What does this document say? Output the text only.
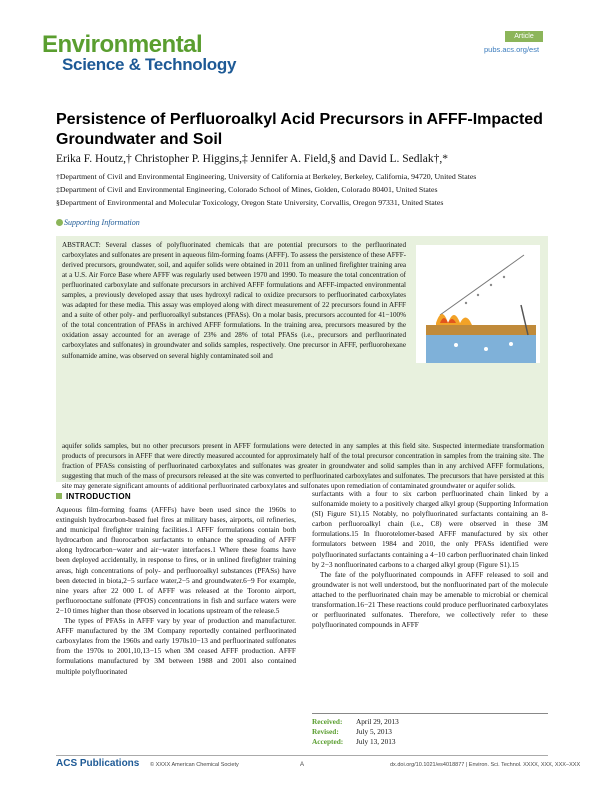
Environmental
Science & Technology
Article
pubs.acs.org/est
Persistence of Perfluoroalkyl Acid Precursors in AFFF-Impacted Groundwater and Soil
Erika F. Houtz,† Christopher P. Higgins,‡ Jennifer A. Field,§ and David L. Sedlak†,*
†Department of Civil and Environmental Engineering, University of California at Berkeley, Berkeley, California, 94720, United States
‡Department of Civil and Environmental Engineering, Colorado School of Mines, Golden, Colorado 80401, United States
§Department of Environmental and Molecular Toxicology, Oregon State University, Corvallis, Oregon 97331, United States
Supporting Information
ABSTRACT: Several classes of polyfluorinated chemicals that are potential precursors to the perfluorinated carboxylates and sulfonates are present in aqueous film-forming foams (AFFF). To assess the persistence of these AFFF-derived precursors, groundwater, soil, and aquifer solids were obtained in 2011 from an unlined firefighter training area at a U.S. Air Force Base where AFFF was regularly used between 1970 and 1990. To measure the total concentration of perfluorinated carboxylate and sulfonate precursors in archived AFFF formulations and AFFF-impacted environmental samples, a previously developed assay that uses hydroxyl radical to oxidize precursors to perfluorinated carboxylates was adapted for these media. This assay was employed along with direct measurement of 22 precursors found in AFFF and a suite of other poly- and perfluoroalkyl substances (PFASs). On a molar basis, precursors accounted for 41−100% of the total concentration of PFASs in archived AFFF formulations. In the training area, precursors measured by the oxidation assay accounted for an average of 23% and 28% of total PFASs (i.e., precursors and perfluorinated carboxylates and sulfonates) in groundwater and solids samples, respectively. One precursor in AFFF, perfluorohexane sulfonamide amine, was observed on several highly contaminated soil and
aquifer solids samples, but no other precursors present in AFFF formulations were detected in any samples at this field site. Suspected intermediate transformation products of precursors in AFFF that were directly measured accounted for approximately half of the total precursor concentration in samples from the training site. The fraction of PFASs consisting of perfluorinated carboxylates and sulfonates was greater in groundwater and solid samples than in any archived AFFF formulations, suggesting that much of the mass of precursors released at the site was converted to perfluorinated carboxylates and sulfonates. The precursors that have persisted at this site may generate significant amounts of additional perfluorinated carboxylates and sulfonates upon remediation of contaminated groundwater or aquifer solids.
INTRODUCTION

Aqueous film-forming foams (AFFFs) have been used since the 1960s to extinguish hydrocarbon-based fuel fires at military bases, airports, oil refineries, and municipal firefighter training facilities.1 AFFF formulations contain both hydrocarbon and fluorocarbon surfactants to enhance the spreading of AFFF along hydrocarbon−water and air−water interfaces.1 Where these foams have been deployed accidentally, in response to fires, or in unlined firefighter training areas, high concentrations of poly- and perfluoroalkyl substances (PFASs) have been detected in biota,2−5 surface water,2−5 and groundwater.6−9 For example, nine years after 22 000 L of AFFF was released at the Toronto airport, perfluorooctane sulfonate (PFOS) concentrations in fish and surface waters were 2−10 times higher than those observed in locations upstream of the release.5

The types of PFASs in AFFF vary by year of production and manufacturer. AFFF manufactured by the 3M Company reportedly contained perfluorinated carboxylates from the 1960s and early 1970s10−13 and perfluorinated sulfonates from the 1970s to 2001,10,13−15 when 3M ceased AFFF production. AFFF formulations manufactured by 3M between 1988 and 2001 also contained multiple polyfluorinated

surfactants with a four to six carbon perfluorinated chain linked by a sulfonamide moiety to a positively charged alkyl group (Supporting Information (SI) Figure S1).15 Notably, no polyfluorinated surfactants containing an 8-carbon perfluoroalkyl chain (i.e., C8) were observed in these 3M formulations.15 In fluorotelomer-based AFFF manufactured by six other formulators between 1984 and 2010, the only PFASs identified were polyfluorinated surfactants containing a 4−10 carbon perfluorinated chain linked by 2−3 nonfluorinated carbons to a charged alkyl group (Figure S1).15

The fate of the polyfluorinated compounds in AFFF released to soil and groundwater is not well understood, but the nonfluorinated part of the molecule attached to the perfluorinated chain may be amenable to microbial or chemical transformation.16−21 These reactions could produce perfluorinated carboxylates or perfluorinated sulfonates. Therefore, we collectively refer to these polyfluorinated compounds in AFFF

Received: April 29, 2013
Revised: July 5, 2013
Accepted: July 13, 2013
ACS Publications © XXXX American Chemical Society	A	dx.doi.org/10.1021/es4018877 | Environ. Sci. Technol. XXXX, XXX, XXX−XXX
